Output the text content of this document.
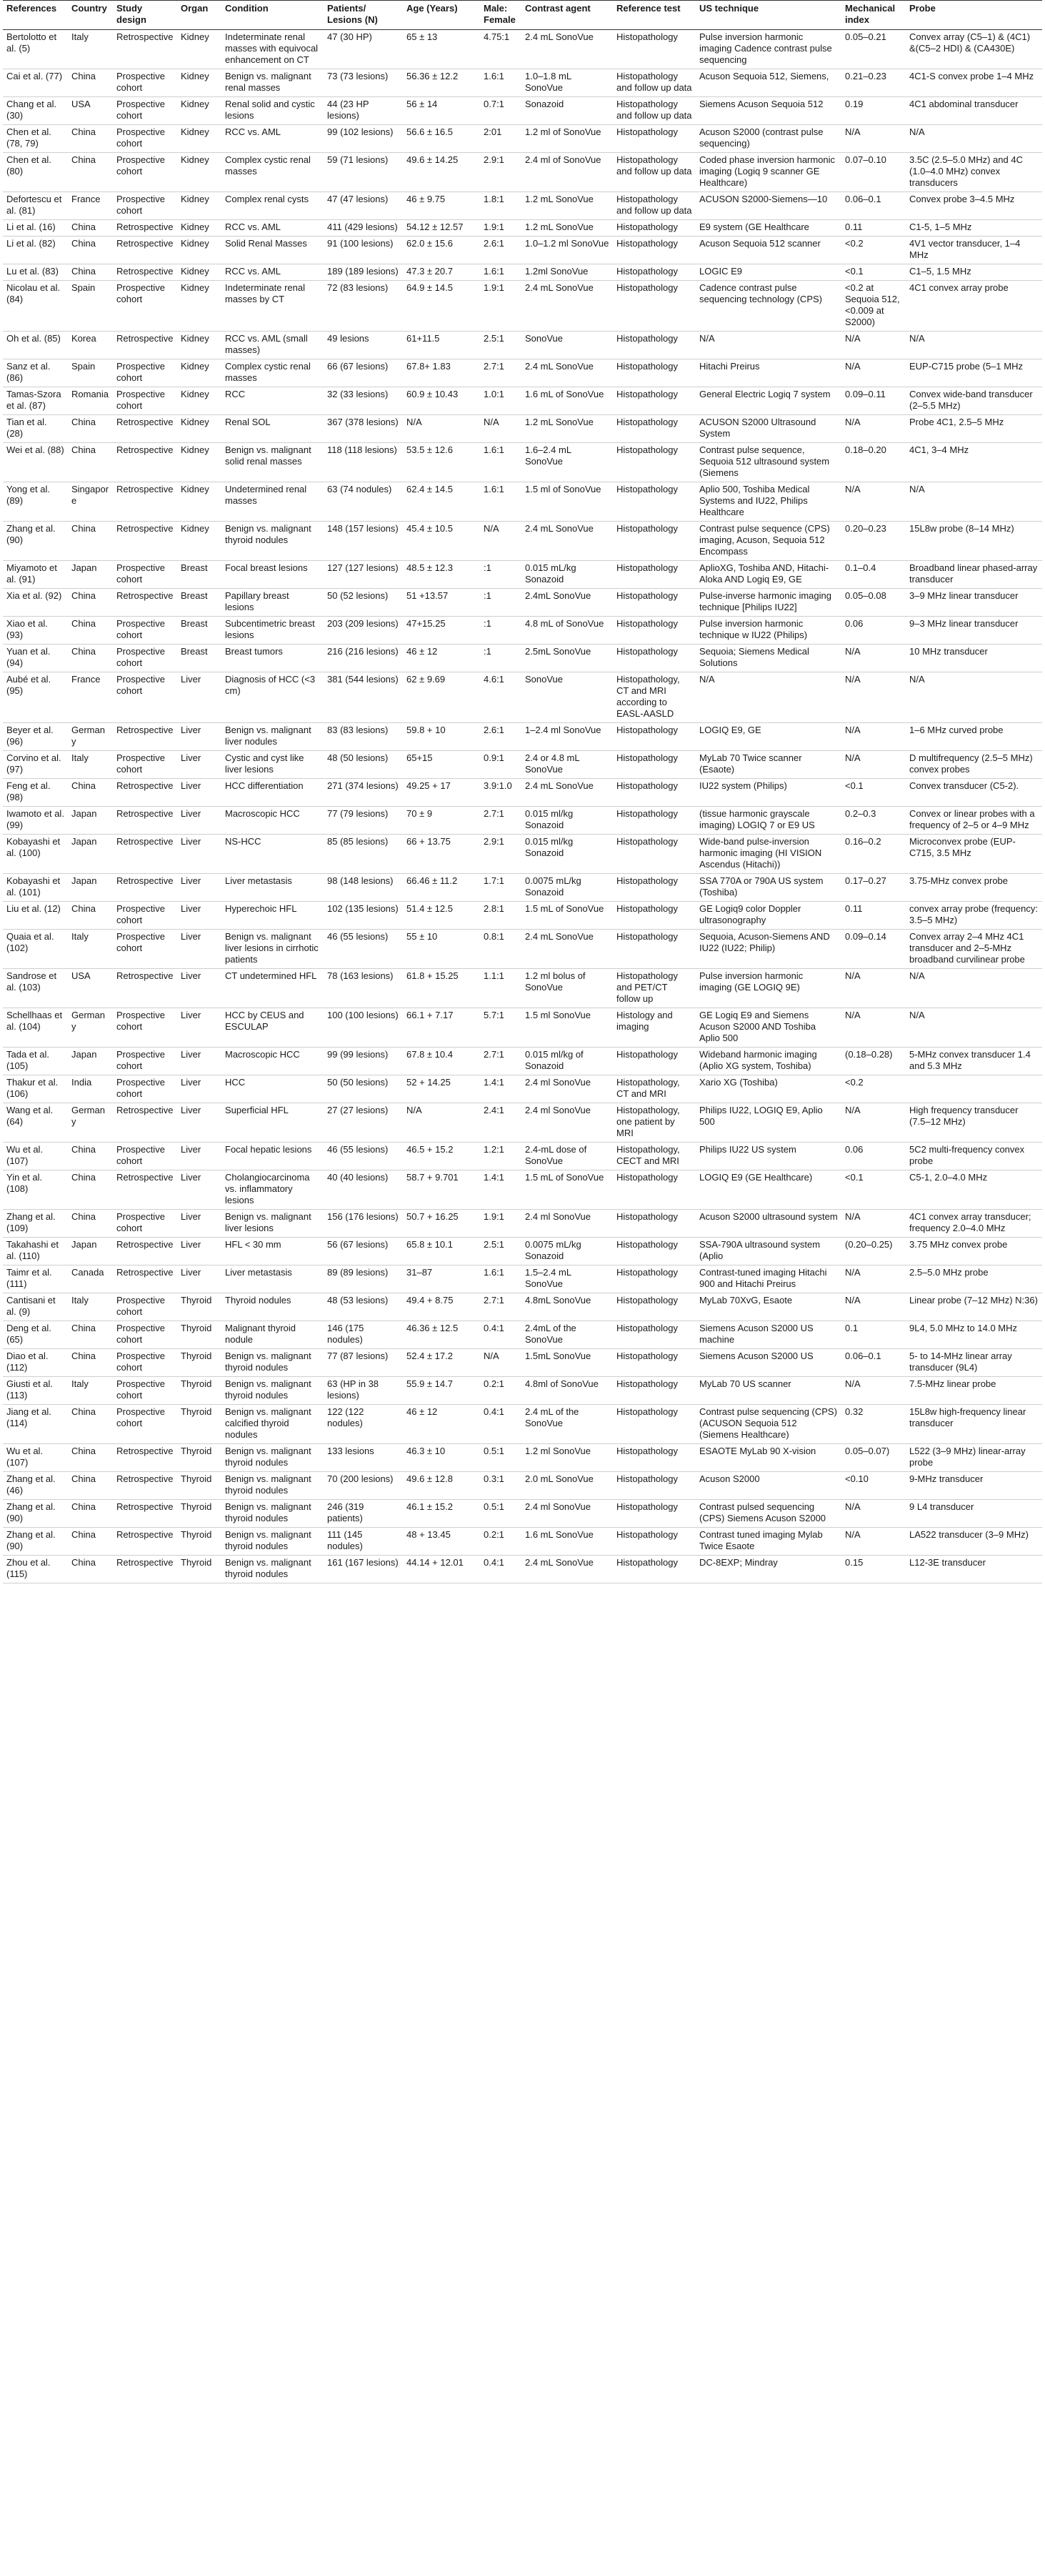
References	Country	Study design	Organ	Condition	Patients/ Lesions (N)	Age (Years)	Male: Female	Contrast agent	Reference test	US technique	Mechanical index	Probe
Bertolotto et al. (5)	Italy	Retrospective	Kidney	Indeterminate renal masses with equivocal enhancement on CT	47 (30 HP)	65 ± 13	4.75:1	2.4 mL SonoVue	Histopathology	Pulse inversion harmonic imaging Cadence contrast pulse sequencing	0.05–0.21	Convex array (C5–1) & (4C1) &(C5–2 HDI) & (CA430E)
Cai et al. (77)	China	Prospective cohort	Kidney	Benign vs. malignant renal masses	73 (73 lesions)	56.36 ± 12.2	1.6:1	1.0–1.8 mL SonoVue	Histopathology and follow up data	Acuson Sequoia 512, Siemens,	0.21–0.23	4C1-S convex probe 1–4 MHz
Chang et al. (30)	USA	Prospective cohort	Kidney	Renal solid and cystic lesions	44 (23 HP lesions)	56 ± 14	0.7:1	Sonazoid	Histopathology and follow up data	Siemens Acuson Sequoia 512	0.19	4C1 abdominal transducer
Chen et al. (78, 79)	China	Prospective cohort	Kidney	RCC vs. AML	99 (102 lesions)	56.6 ± 16.5	2:01	1.2 ml of SonoVue	Histopathology	Acuson S2000 (contrast pulse sequencing)	N/A	N/A
Chen et al. (80)	China	Prospective cohort	Kidney	Complex cystic renal masses	59 (71 lesions)	49.6 ± 14.25	2.9:1	2.4 ml of SonoVue	Histopathology and follow up data	Coded phase inversion harmonic imaging (Logiq 9 scanner GE Healthcare)	0.07–0.10	3.5C (2.5–5.0 MHz) and 4C (1.0–4.0 MHz) convex transducers
Defortescu et al. (81)	France	Prospective cohort	Kidney	Complex renal cysts	47 (47 lesions)	46 ± 9.75	1.8:1	1.2 mL SonoVue	Histopathology and follow up data	ACUSON S2000-Siemens—10	0.06–0.1	Convex probe 3–4.5 MHz
Li et al. (16)	China	Retrospective	Kidney	RCC vs. AML	411 (429 lesions)	54.12 ± 12.57	1.9:1	1.2 mL SonoVue	Histopathology	E9 system (GE Healthcare	0.11	C1-5, 1–5 MHz
Li et al. (82)	China	Retrospective	Kidney	Solid Renal Masses	91 (100 lesions)	62.0 ± 15.6	2.6:1	1.0–1.2 ml SonoVue	Histopathology	Acuson Sequoia 512 scanner	<0.2	4V1 vector transducer, 1–4 MHz
Lu et al. (83)	China	Retrospective	Kidney	RCC vs. AML	189 (189 lesions)	47.3 ± 20.7	1.6:1	1.2ml SonoVue	Histopathology	LOGIC E9	<0.1	C1–5, 1.5 MHz
Nicolau et al. (84)	Spain	Prospective cohort	Kidney	Indeterminate renal masses by CT	72 (83 lesions)	64.9 ± 14.5	1.9:1	2.4 mL SonoVue	Histopathology	Cadence contrast pulse sequencing technology (CPS)	<0.2 at Sequoia 512, <0.009 at S2000)	4C1 convex array probe
Oh et al. (85)	Korea	Retrospective	Kidney	RCC vs. AML (small masses)	49 lesions	61+11.5	2.5:1	SonoVue	Histopathology	N/A	N/A	N/A
Sanz et al. (86)	Spain	Prospective cohort	Kidney	Complex cystic renal masses	66 (67 lesions)	67.8+ 1.83	2.7:1	2.4 mL SonoVue	Histopathology	Hitachi Preirus	N/A	EUP-C715 probe (5–1 MHz
Tamas-Szora et al. (87)	Romania	Prospective cohort	Kidney	RCC	32 (33 lesions)	60.9 ± 10.43	1.0:1	1.6 mL of SonoVue	Histopathology	General Electric Logiq 7 system	0.09–0.11	Convex wide-band transducer (2–5.5 MHz)
Tian et al. (28)	China	Retrospective	Kidney	Renal SOL	367 (378 lesions)	N/A	N/A	1.2 mL SonoVue	Histopathology	ACUSON S2000 Ultrasound System	N/A	Probe 4C1, 2.5–5 MHz
Wei et al. (88)	China	Retrospective	Kidney	Benign vs. malignant solid renal masses	118 (118 lesions)	53.5 ± 12.6	1.6:1	1.6–2.4 mL SonoVue	Histopathology	Contrast pulse sequence, Sequoia 512 ultrasound system (Siemens	0.18–0.20	4C1, 3–4 MHz
Yong et al. (89)	Singapore	Retrospective	Kidney	Undetermined renal masses	63 (74 nodules)	62.4 ± 14.5	1.6:1	1.5 ml of SonoVue	Histopathology	Aplio 500, Toshiba Medical Systems and IU22, Philips Healthcare	N/A	N/A
Zhang et al. (90)	China	Retrospective	Kidney	Benign vs. malignant thyroid nodules	148 (157 lesions)	45.4 ± 10.5	N/A	2.4 mL SonoVue	Histopathology	Contrast pulse sequence (CPS) imaging, Acuson, Sequoia 512 Encompass	0.20–0.23	15L8w probe (8–14 MHz)
Miyamoto et al. (91)	Japan	Prospective cohort	Breast	Focal breast lesions	127 (127 lesions)	48.5 ± 12.3	:1	0.015 mL/kg Sonazoid	Histopathology	AplioXG, Toshiba AND, Hitachi-Aloka AND Logiq E9, GE	0.1–0.4	Broadband linear phased-array transducer
Xia et al. (92)	China	Retrospective	Breast	Papillary breast lesions	50 (52 lesions)	51 +13.57	:1	2.4mL SonoVue	Histopathology	Pulse-inverse harmonic imaging technique [Philips IU22]	0.05–0.08	3–9 MHz linear transducer
Xiao et al. (93)	China	Prospective cohort	Breast	Subcentimetric breast lesions	203 (209 lesions)	47+15.25	:1	4.8 mL of SonoVue	Histopathology	Pulse inversion harmonic technique w IU22 (Philips)	0.06	9–3 MHz linear transducer
Yuan et al. (94)	China	Prospective cohort	Breast	Breast tumors	216 (216 lesions)	46 ± 12	:1	2.5mL SonoVue	Histopathology	Sequoia; Siemens Medical Solutions	N/A	10 MHz transducer
Aubé et al. (95)	France	Prospective cohort	Liver	Diagnosis of HCC (<3 cm)	381 (544 lesions)	62 ± 9.69	4.6:1	SonoVue	Histopathology, CT and MRI according to EASL-AASLD	N/A	N/A	N/A
Beyer et al. (96)	Germany	Retrospective	Liver	Benign vs. malignant liver nodules	83 (83 lesions)	59.8 + 10	2.6:1	1–2.4 ml SonoVue	Histopathology	LOGIQ E9, GE	N/A	1–6 MHz curved probe
Corvino et al. (97)	Italy	Prospective cohort	Liver	Cystic and cyst like liver lesions	48 (50 lesions)	65+15	0.9:1	2.4 or 4.8 mL SonoVue	Histopathology	MyLab 70 Twice scanner (Esaote)	N/A	D multifrequency (2.5–5 MHz) convex probes
Feng et al. (98)	China	Retrospective	Liver	HCC differentiation	271 (374 lesions)	49.25 + 17	3.9:1.0	2.4 mL SonoVue	Histopathology	IU22 system (Philips)	<0.1	Convex transducer (C5-2).
Iwamoto et al. (99)	Japan	Retrospective	Liver	Macroscopic HCC	77 (79 lesions)	70 ± 9	2.7:1	0.015 ml/kg Sonazoid	Histopathology	(tissue harmonic grayscale imaging) LOGIQ 7 or E9 US	0.2–0.3	Convex or linear probes with a frequency of 2–5 or 4–9 MHz
Kobayashi et al. (100)	Japan	Retrospective	Liver	NS-HCC	85 (85 lesions)	66 + 13.75	2.9:1	0.015 ml/kg Sonazoid	Histopathology	Wide-band pulse-inversion harmonic imaging (HI VISION Ascendus (Hitachi))	0.16–0.2	Microconvex probe (EUP-C715, 3.5 MHz
Kobayashi et al. (101)	Japan	Retrospective	Liver	Liver metastasis	98 (148 lesions)	66.46 ± 11.2	1.7:1	0.0075 mL/kg Sonazoid	Histopathology	SSA 770A or 790A US system (Toshiba)	0.17–0.27	3.75-MHz convex probe
Liu et al. (12)	China	Prospective cohort	Liver	Hyperechoic HFL	102 (135 lesions)	51.4 ± 12.5	2.8:1	1.5 mL of SonoVue	Histopathology	GE Logiq9 color Doppler ultrasonography	0.11	convex array probe (frequency: 3.5–5 MHz)
Quaia et al. (102)	Italy	Prospective cohort	Liver	Benign vs. malignant liver lesions in cirrhotic patients	46 (55 lesions)	55 ± 10	0.8:1	2.4 mL SonoVue	Histopathology	Sequoia, Acuson-Siemens AND IU22 (IU22; Philip)	0.09–0.14	Convex array 2–4 MHz 4C1 transducer and 2–5-MHz broadband curvilinear probe
Sandrose et al. (103)	USA	Retrospective	Liver	CT undetermined HFL	78 (163 lesions)	61.8 + 15.25	1.1:1	1.2 ml bolus of SonoVue	Histopathology and PET/CT follow up	Pulse inversion harmonic imaging (GE LOGIQ 9E)	N/A	N/A
Schellhaas et al. (104)	Germany	Prospective cohort	Liver	HCC by CEUS and ESCULAP	100 (100 lesions)	66.1 + 7.17	5.7:1	1.5 ml SonoVue	Histology and imaging	GE Logiq E9 and Siemens Acuson S2000 AND Toshiba Aplio 500	N/A	N/A
Tada et al. (105)	Japan	Prospective cohort	Liver	Macroscopic HCC	99 (99 lesions)	67.8 ± 10.4	2.7:1	0.015 ml/kg of Sonazoid	Histopathology	Wideband harmonic imaging (Aplio XG system, Toshiba)	(0.18–0.28)	5-MHz convex transducer 1.4 and 5.3 MHz
Thakur et al. (106)	India	Prospective cohort	Liver	HCC	50 (50 lesions)	52 + 14.25	1.4:1	2.4 ml SonoVue	Histopathology, CT and MRI	Xario XG (Toshiba)	<0.2	
Wang et al. (64)	Germany	Retrospective	Liver	Superficial HFL	27 (27 lesions)	N/A	2.4:1	2.4 ml SonoVue	Histopathology, one patient by MRI	Philips IU22, LOGIQ E9, Aplio 500	N/A	High frequency transducer (7.5–12 MHz)
Wu et al. (107)	China	Prospective cohort	Liver	Focal hepatic lesions	46 (55 lesions)	46.5 + 15.2	1.2:1	2.4-mL dose of SonoVue	Histopathology, CECT and MRI	Philips IU22 US system	0.06	5C2 multi-frequency convex probe
Yin et al. (108)	China	Retrospective	Liver	Cholangiocarcinoma vs. inflammatory lesions	40 (40 lesions)	58.7 + 9.701	1.4:1	1.5 mL of SonoVue	Histopathology	LOGIQ E9 (GE Healthcare)	<0.1	C5-1, 2.0–4.0 MHz
Zhang et al. (109)	China	Prospective cohort	Liver	Benign vs. malignant liver lesions	156 (176 lesions)	50.7 + 16.25	1.9:1	2.4 ml SonoVue	Histopathology	Acuson S2000 ultrasound system	N/A	4C1 convex array transducer; frequency 2.0–4.0 MHz
Takahashi et al. (110)	Japan	Retrospective	Liver	HFL < 30 mm	56 (67 lesions)	65.8 ± 10.1	2.5:1	0.0075 mL/kg Sonazoid	Histopathology	SSA-790A ultrasound system (Aplio	(0.20–0.25)	3.75 MHz convex probe
Taimr et al. (111)	Canada	Retrospective	Liver	Liver metastasis	89 (89 lesions)	31–87	1.6:1	1.5–2.4 mL SonoVue	Histopathology	Contrast-tuned imaging Hitachi 900 and Hitachi Preirus	N/A	2.5–5.0 MHz probe
Cantisani et al. (9)	Italy	Prospective cohort	Thyroid	Thyroid nodules	48 (53 lesions)	49.4 + 8.75	2.7:1	4.8mL SonoVue	Histopathology	MyLab 70XvG, Esaote	N/A	Linear probe (7–12 MHz) N:36)
Deng et al. (65)	China	Prospective cohort	Thyroid	Malignant thyroid nodule	146 (175 nodules)	46.36 ± 12.5	0.4:1	2.4mL of the SonoVue	Histopathology	Siemens Acuson S2000 US machine	0.1	9L4, 5.0 MHz to 14.0 MHz
Diao et al. (112)	China	Prospective cohort	Thyroid	Benign vs. malignant thyroid nodules	77 (87 lesions)	52.4 ± 17.2	N/A	1.5mL SonoVue	Histopathology	Siemens Acuson S2000 US	0.06–0.1	5- to 14-MHz linear array transducer (9L4)
Giusti et al. (113)	Italy	Prospective cohort	Thyroid	Benign vs. malignant thyroid nodules	63 (HP in 38 lesions)	55.9 ± 14.7	0.2:1	4.8ml of SonoVue	Histopathology	MyLab 70 US scanner	N/A	7.5-MHz linear probe
Jiang et al. (114)	China	Prospective cohort	Thyroid	Benign vs. malignant calcified thyroid nodules	122 (122 nodules)	46 ± 12	0.4:1	2.4 mL of the SonoVue	Histopathology	Contrast pulse sequencing (CPS) (ACUSON Sequoia 512 (Siemens Healthcare)	0.32	15L8w high-frequency linear transducer
Wu et al. (107)	China	Retrospective	Thyroid	Benign vs. malignant thyroid nodules	133 lesions	46.3 ± 10	0.5:1	1.2 ml SonoVue	Histopathology	ESAOTE MyLab 90 X-vision	0.05–0.07)	L522 (3–9 MHz) linear-array probe
Zhang et al. (46)	China	Retrospective	Thyroid	Benign vs. malignant thyroid nodules	70 (200 lesions)	49.6 ± 12.8	0.3:1	2.0 mL SonoVue	Histopathology	Acuson S2000	<0.10	9-MHz transducer
Zhang et al. (90)	China	Retrospective	Thyroid	Benign vs. malignant thyroid nodules	246 (319 patients)	46.1 ± 15.2	0.5:1	2.4 ml SonoVue	Histopathology	Contrast pulsed sequencing (CPS) Siemens Acuson S2000	N/A	9 L4 transducer
Zhang et al. (90)	China	Retrospective	Thyroid	Benign vs. malignant thyroid nodules	111 (145 nodules)	48 + 13.45	0.2:1	1.6 mL SonoVue	Histopathology	Contrast tuned imaging Mylab Twice Esaote	N/A	LA522 transducer (3–9 MHz)
Zhou et al. (115)	China	Retrospective	Thyroid	Benign vs. malignant thyroid nodules	161 (167 lesions)	44.14 + 12.01	0.4:1	2.4 mL SonoVue	Histopathology	DC-8EXP; Mindray	0.15	L12-3E transducer
